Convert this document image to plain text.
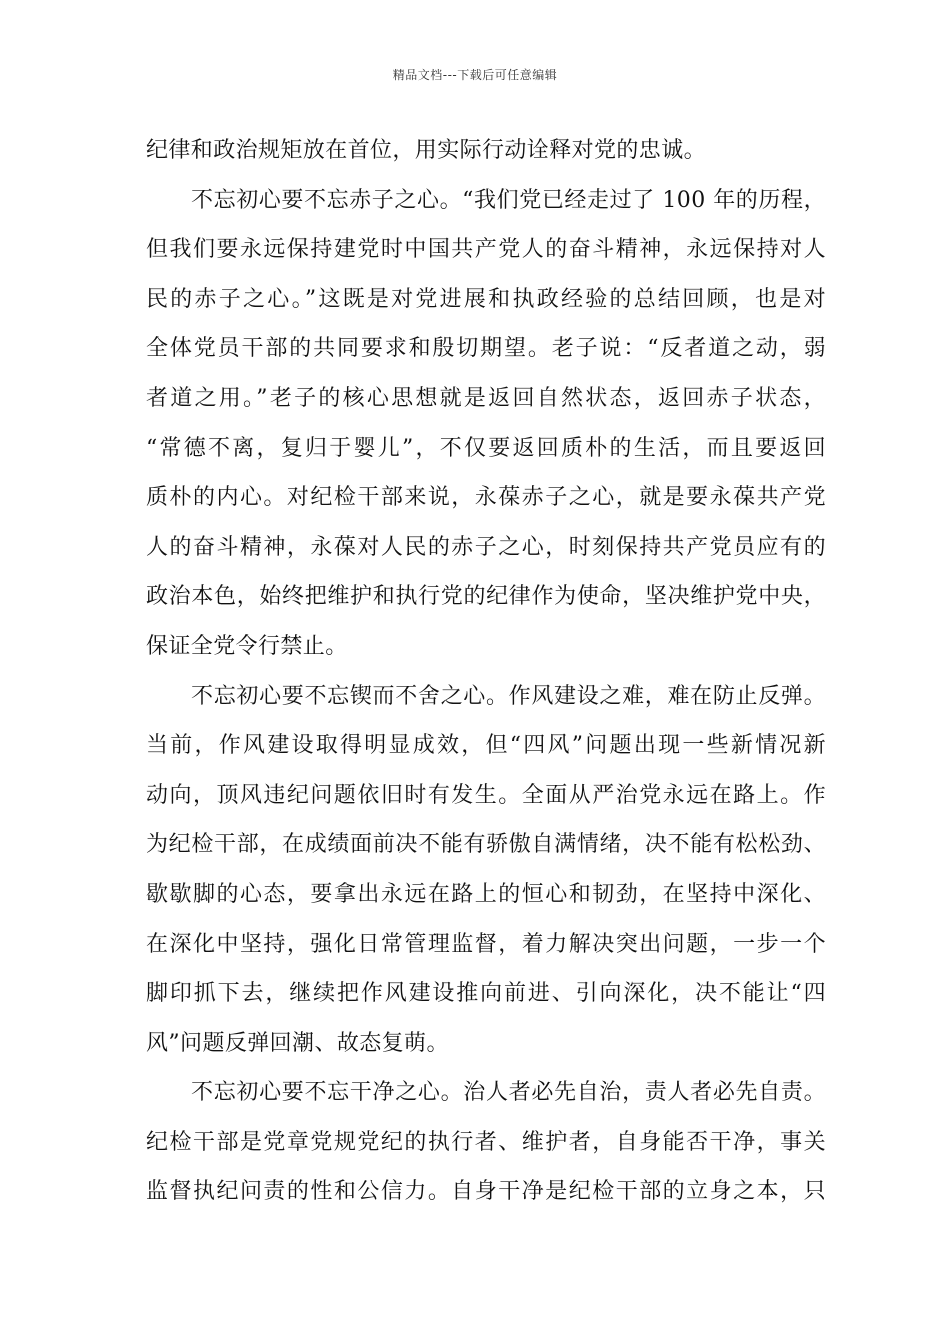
精品文档---下载后可任意编辑
纪律和政治规矩放在首位，用实际行动诠释对党的忠诚。
不忘初心要不忘赤子之心。“我们党已经走过了 100 年的历程，
但我们要永远保持建党时中国共产党人的奋斗精神，永远保持对人
民的赤子之心。”这既是对党进展和执政经验的总结回顾，也是对
全体党员干部的共同要求和殷切期望。老子说：“反者道之动，弱
者道之用。”老子的核心思想就是返回自然状态，返回赤子状态，
“常德不离，复归于婴儿”，不仅要返回质朴的生活，而且要返回
质朴的内心。对纪检干部来说，永葆赤子之心，就是要永葆共产党
人的奋斗精神，永葆对人民的赤子之心，时刻保持共产党员应有的
政治本色，始终把维护和执行党的纪律作为使命，坚决维护党中央，
保证全党令行禁止。
不忘初心要不忘锲而不舍之心。作风建设之难，难在防止反弹。
当前，作风建设取得明显成效，但“四风”问题出现一些新情况新
动向，顶风违纪问题依旧时有发生。全面从严治党永远在路上。作
为纪检干部，在成绩面前决不能有骄傲自满情绪，决不能有松松劲、
歇歇脚的心态，要拿出永远在路上的恒心和韧劲，在坚持中深化、
在深化中坚持，强化日常管理监督，着力解决突出问题，一步一个
脚印抓下去，继续把作风建设推向前进、引向深化，决不能让“四
风”问题反弹回潮、故态复萌。
不忘初心要不忘干净之心。治人者必先自治，责人者必先自责。
纪检干部是党章党规党纪的执行者、维护者，自身能否干净，事关
监督执纪问责的性和公信力。自身干净是纪检干部的立身之本，只
